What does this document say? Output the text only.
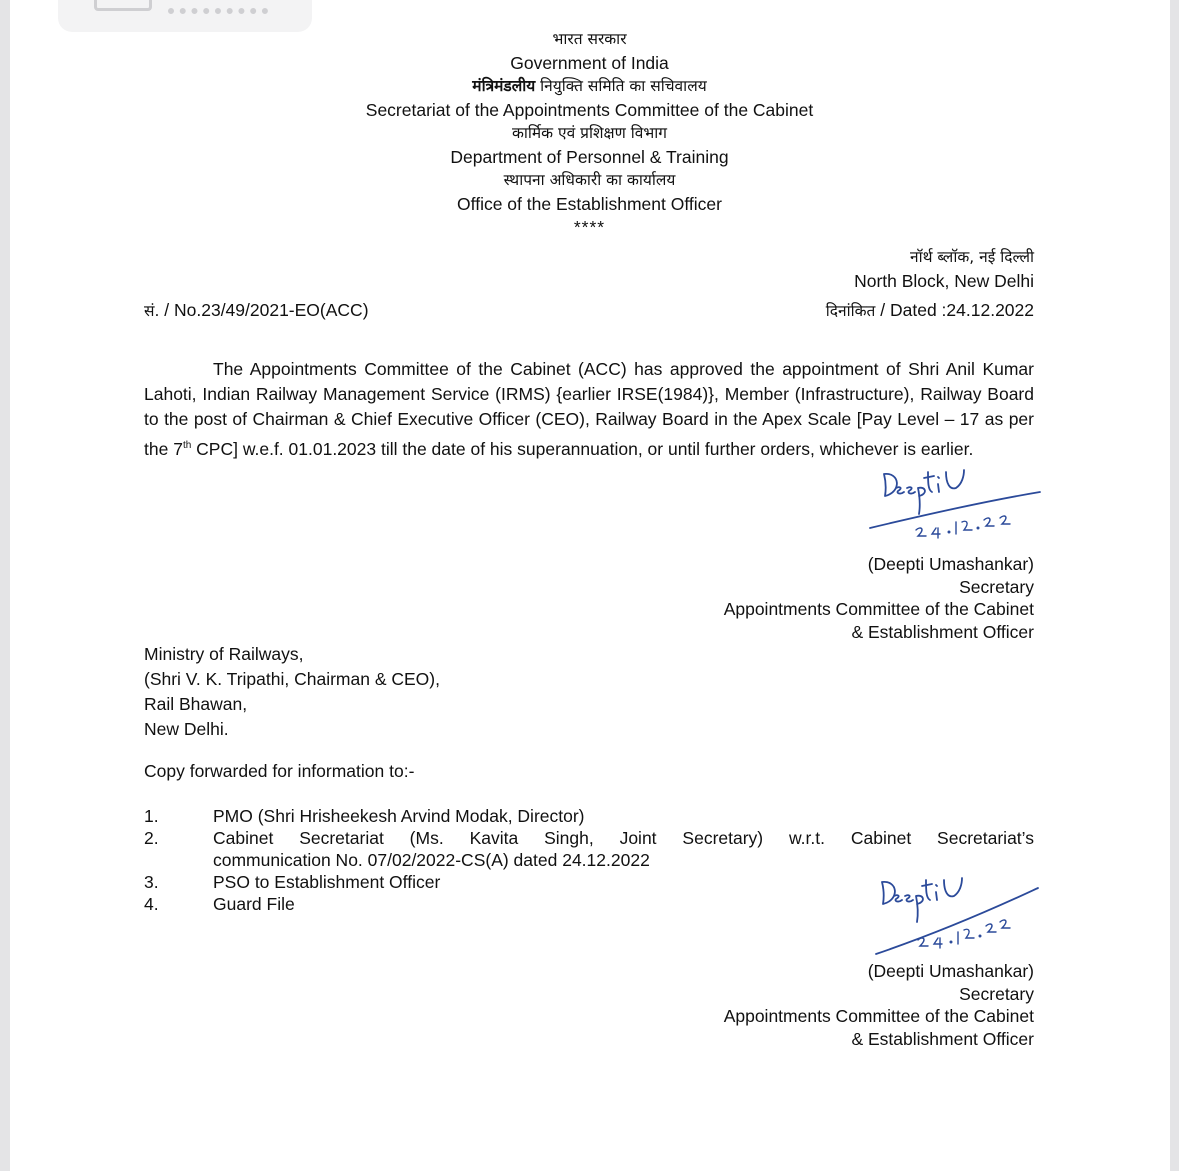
भारत सरकार
Government of India
मंत्रिमंडलीय नियुक्ति समिति का सचिवालय
Secretariat of the Appointments Committee of the Cabinet
कार्मिक एवं प्रशिक्षण विभाग
Department of Personnel & Training
स्थापना अधिकारी का कार्यालय
Office of the Establishment Officer
****
नॉर्थ ब्लॉक, नई दिल्ली
North Block, New Delhi
सं. / No.23/49/2021-EO(ACC)	दिनांकित / Dated :24.12.2022
The Appointments Committee of the Cabinet (ACC) has approved the appointment of Shri Anil Kumar Lahoti, Indian Railway Management Service (IRMS) {earlier IRSE(1984)}, Member (Infrastructure), Railway Board to the post of Chairman & Chief Executive Officer (CEO), Railway Board in the Apex Scale [Pay Level – 17 as per the 7th CPC] w.e.f. 01.01.2023 till the date of his superannuation, or until further orders, whichever is earlier.
(Deepti Umashankar)
Secretary
Appointments Committee of the Cabinet
& Establishment Officer
Ministry of Railways,
(Shri V. K. Tripathi, Chairman & CEO),
Rail Bhawan,
New Delhi.
Copy forwarded for information to:-
1.	PMO (Shri Hrisheekesh Arvind Modak, Director)
2.	Cabinet Secretariat (Ms. Kavita Singh, Joint Secretary) w.r.t. Cabinet Secretariat’s
communication No. 07/02/2022-CS(A) dated 24.12.2022
3.	PSO to Establishment Officer
4.	Guard File
(Deepti Umashankar)
Secretary
Appointments Committee of the Cabinet
& Establishment Officer
